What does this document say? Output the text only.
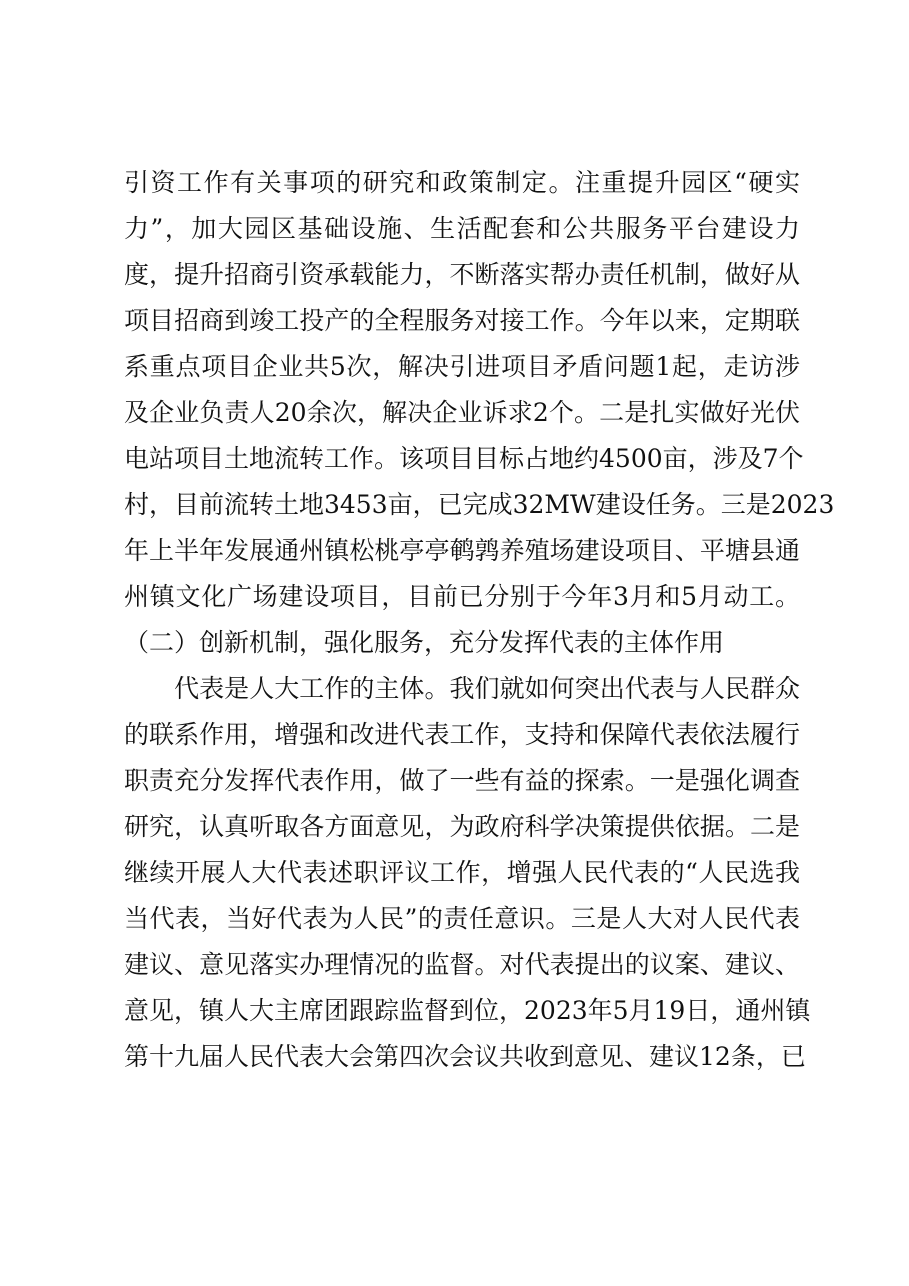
引资工作有关事项的研究和政策制定。注重提升园区“硬实
力”，加大园区基础设施、生活配套和公共服务平台建设力
度，提升招商引资承载能力，不断落实帮办责任机制，做好从
项目招商到竣工投产的全程服务对接工作。今年以来，定期联
系重点项目企业共5次，解决引进项目矛盾问题1起，走访涉
及企业负责人20余次，解决企业诉求2个。二是扎实做好光伏
电站项目土地流转工作。该项目目标占地约4500亩，涉及7个
村，目前流转土地3453亩，已完成32MW建设任务。三是2023
年上半年发展通州镇松桃亭亭鹌鹑养殖场建设项目、平塘县通
州镇文化广场建设项目，目前已分别于今年3月和5月动工。
（二）创新机制，强化服务，充分发挥代表的主体作用
　　代表是人大工作的主体。我们就如何突出代表与人民群众
的联系作用，增强和改进代表工作，支持和保障代表依法履行
职责充分发挥代表作用，做了一些有益的探索。一是强化调查
研究，认真听取各方面意见，为政府科学决策提供依据。二是
继续开展人大代表述职评议工作，增强人民代表的“人民选我
当代表，当好代表为人民”的责任意识。三是人大对人民代表
建议、意见落实办理情况的监督。对代表提出的议案、建议、
意见，镇人大主席团跟踪监督到位，2023年5月19日，通州镇
第十九届人民代表大会第四次会议共收到意见、建议12条，已
